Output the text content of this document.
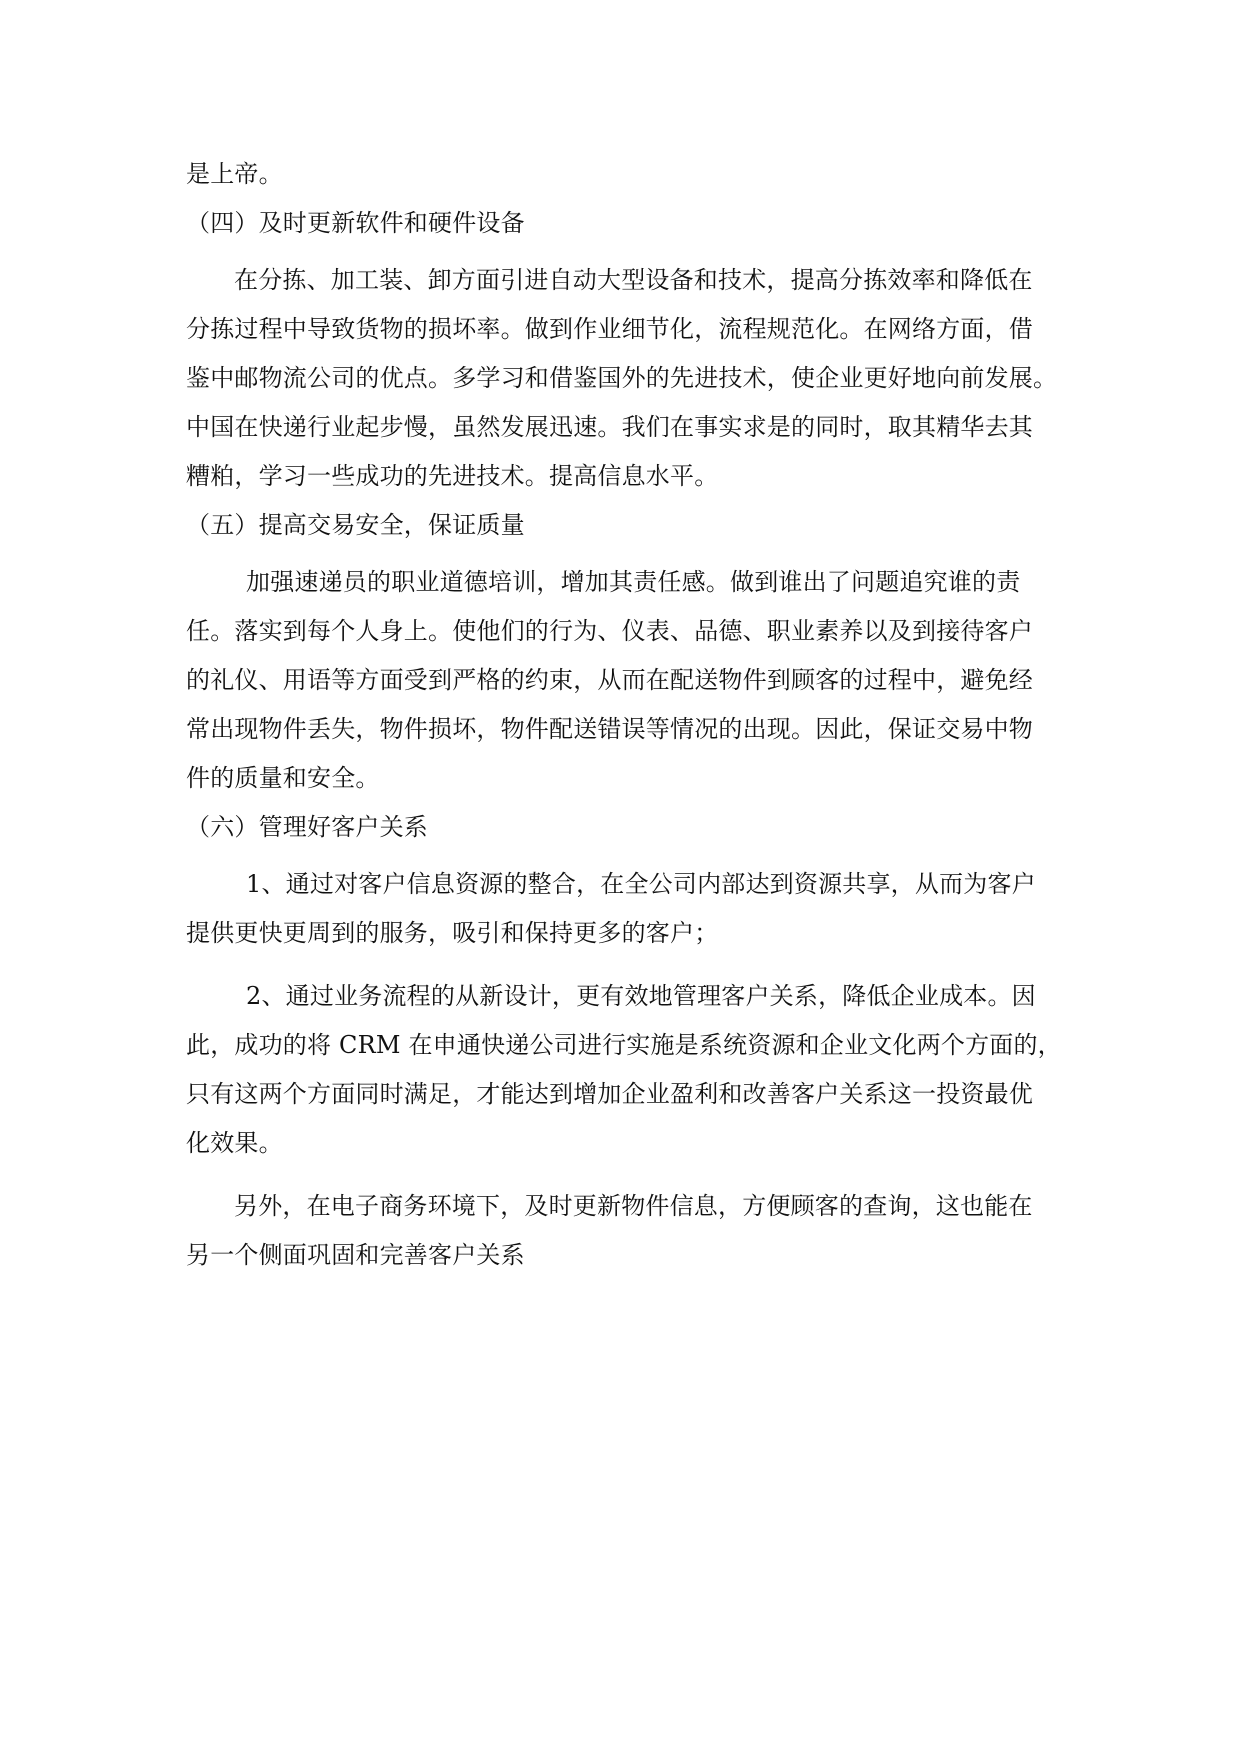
是上帝。
（四）及时更新软件和硬件设备
在分拣、加工装、卸方面引进自动大型设备和技术，提高分拣效率和降低在
分拣过程中导致货物的损坏率。做到作业细节化，流程规范化。在网络方面，借
鉴中邮物流公司的优点。多学习和借鉴国外的先进技术，使企业更好地向前发展。
中国在快递行业起步慢，虽然发展迅速。我们在事实求是的同时，取其精华去其
糟粕，学习一些成功的先进技术。提高信息水平。
（五）提高交易安全，保证质量
加强速递员的职业道德培训，增加其责任感。做到谁出了问题追究谁的责
任。落实到每个人身上。使他们的行为、仪表、品德、职业素养以及到接待客户
的礼仪、用语等方面受到严格的约束，从而在配送物件到顾客的过程中，避免经
常出现物件丢失，物件损坏，物件配送错误等情况的出现。因此，保证交易中物
件的质量和安全。
（六）管理好客户关系
1、通过对客户信息资源的整合，在全公司内部达到资源共享，从而为客户
提供更快更周到的服务，吸引和保持更多的客户；
2、通过业务流程的从新设计，更有效地管理客户关系，降低企业成本。因
此，成功的将 CRM 在申通快递公司进行实施是系统资源和企业文化两个方面的，
只有这两个方面同时满足，才能达到增加企业盈利和改善客户关系这一投资最优
化效果。
另外，在电子商务环境下，及时更新物件信息，方便顾客的查询，这也能在
另一个侧面巩固和完善客户关系
